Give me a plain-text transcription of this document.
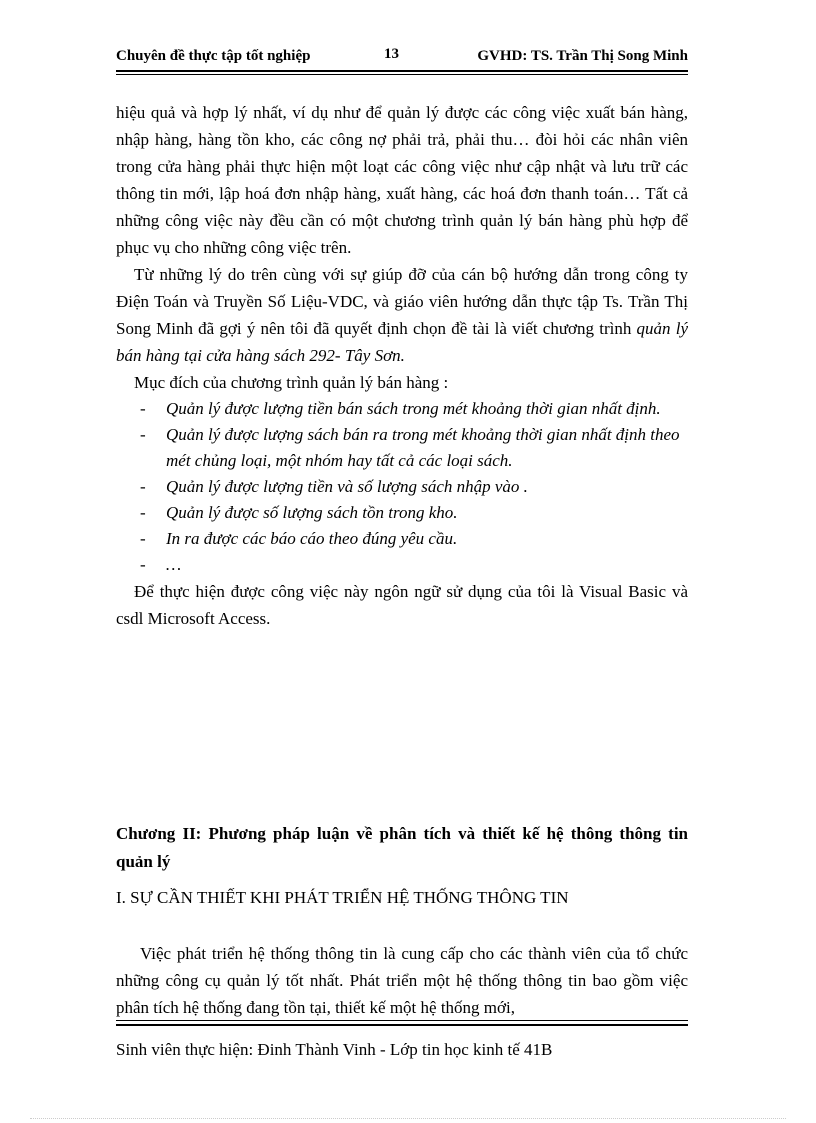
Chuyên đề thực tập tốt nghiệp	13	GVHD: TS. Trần Thị Song Minh

hiệu quả và hợp lý nhất, ví dụ như để quản lý được các công việc xuất bán hàng, nhập hàng, hàng tồn kho, các công nợ phải trả, phải thu… đòi hỏi các nhân viên trong cửa hàng phải thực hiện một loạt các công việc như cập nhật và lưu trữ các thông tin mới, lập hoá đơn nhập hàng, xuất hàng, các hoá đơn thanh toán… Tất cả những công việc này đều cần có một chương trình quản lý bán hàng phù hợp để phục vụ cho những công việc trên.

Từ những lý do trên cùng với sự giúp đỡ của cán bộ hướng dẫn trong công ty Điện Toán và Truyền Số Liệu-VDC, và giáo viên hướng dẫn thực tập Ts. Trần Thị Song Minh đã gợi ý nên tôi đã quyết định chọn đề tài là viết chương trình quản lý bán hàng tại cửa hàng sách 292- Tây Sơn.

Mục đích của chương trình quản lý bán hàng :

- Quản lý được lượng tiền bán sách trong mét khoảng thời gian nhất định.
- Quản lý được lượng sách bán ra trong mét khoảng thời gian nhất định theo mét chủng loại, một nhóm hay tất cả các loại sách.
- Quản lý được lượng tiền và số lượng sách nhập vào .
- Quản lý được số lượng sách tồn trong kho.
- In ra được các báo cáo theo đúng yêu cầu.
- …

Để thực hiện được công việc này ngôn ngữ sử dụng của tôi là Visual Basic và csdl Microsoft Access.

Chương II: Phương pháp luận về phân tích và thiết kế hệ thông thông tin quản lý
I. SỰ CẦN THIẾT KHI PHÁT TRIỂN HỆ THỐNG THÔNG TIN
Việc phát triển hệ thống thông tin là cung cấp cho các thành viên của tổ chức những công cụ quản lý tốt nhất. Phát triển một hệ thống thông tin bao gồm việc phân tích hệ thống đang tồn tại, thiết kế một hệ thống mới,
Sinh viên thực hiện: Đinh Thành Vinh - Lớp tin học kinh tế 41B
